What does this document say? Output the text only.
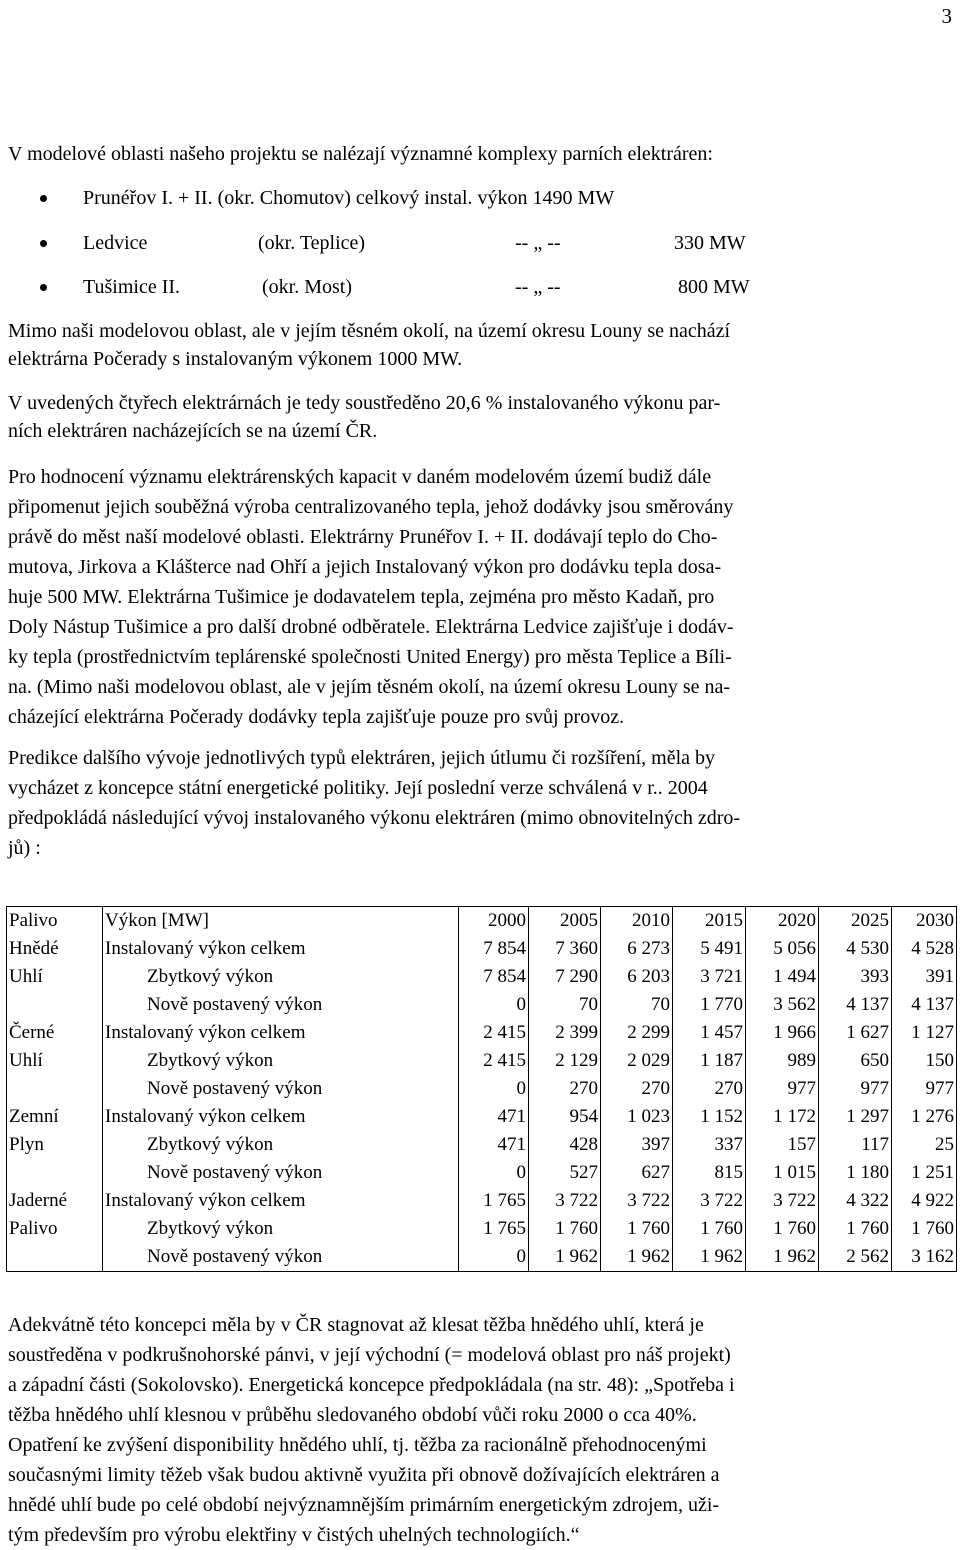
3

V modelové oblasti našeho projektu se nalézají významné komplexy parních elektráren:

Prunéřov I. + II. (okr. Chomutov) celkový instal. výkon 1490 MW
Ledvice	(okr. Teplice)	-- „ --	330 MW
Tušimice II.	(okr. Most)	-- „ --	800 MW

Mimo naši modelovou oblast, ale v jejím těsném okolí, na území okresu Louny se nachází
elektrárna Počerady s instalovaným výkonem 1000 MW.

V uvedených čtyřech elektrárnách je tedy soustředěno 20,6 % instalovaného výkonu par-
ních elektráren nacházejících se na území ČR.

Pro hodnocení významu elektrárenských kapacit v daném modelovém území budiž dále
připomenut jejich souběžná výroba centralizovaného tepla, jehož dodávky jsou směrovány
právě do měst naší modelové oblasti. Elektrárny Prunéřov I. + II. dodávají teplo do Cho-
mutova, Jirkova a Klášterce nad Ohří a jejich Instalovaný výkon pro dodávku tepla dosa-
huje 500 MW. Elektrárna Tušimice je dodavatelem tepla, zejména pro město Kadaň, pro
Doly Nástup Tušimice a pro další drobné odběratele. Elektrárna Ledvice zajišťuje i dodáv-
ky tepla (prostřednictvím teplárenské společnosti United Energy) pro města Teplice a Bíli-
na. (Mimo naši modelovou oblast, ale v jejím těsném okolí, na území okresu Louny se na-
cházející elektrárna Počerady dodávky tepla zajišťuje pouze pro svůj provoz.

Predikce dalšího vývoje jednotlivých typů elektráren, jejich útlumu či rozšíření, měla by
vycházet z koncepce státní energetické politiky. Její poslední verze schválená v r.. 2004
předpokládá následující vývoj instalovaného výkonu elektráren (mimo obnovitelných zdro-
jů) :

Palivo	Výkon [MW]	2000	2005	2010	2015	2020	2025	2030
Hnědé	Instalovaný výkon celkem	7 854	7 360	6 273	5 491	5 056	4 530	4 528
Uhlí	Zbytkový výkon	7 854	7 290	6 203	3 721	1 494	393	391
	Nově postavený výkon	0	70	70	1 770	3 562	4 137	4 137
Černé	Instalovaný výkon celkem	2 415	2 399	2 299	1 457	1 966	1 627	1 127
Uhlí	Zbytkový výkon	2 415	2 129	2 029	1 187	989	650	150
	Nově postavený výkon	0	270	270	270	977	977	977
Zemní	Instalovaný výkon celkem	471	954	1 023	1 152	1 172	1 297	1 276
Plyn	Zbytkový výkon	471	428	397	337	157	117	25
	Nově postavený výkon	0	527	627	815	1 015	1 180	1 251
Jaderné	Instalovaný výkon celkem	1 765	3 722	3 722	3 722	3 722	4 322	4 922
Palivo	Zbytkový výkon	1 765	1 760	1 760	1 760	1 760	1 760	1 760
	Nově postavený výkon	0	1 962	1 962	1 962	1 962	2 562	3 162

Adekvátně této koncepci měla by v ČR stagnovat až klesat těžba hnědého uhlí, která je
soustředěna v podkrušnohorské pánvi, v její východní (= modelová oblast pro náš projekt)
a západní části (Sokolovsko). Energetická koncepce předpokládala (na str. 48): „Spotřeba i
těžba hnědého uhlí klesnou v průběhu sledovaného období vůči roku 2000 o cca 40%.
Opatření ke zvýšení disponibility hnědého uhlí, tj. těžba za racionálně přehodnocenými
současnými limity těžeb však budou aktivně využita při obnově dožívajících elektráren a
hnědé uhlí bude po celé období nejvýznamnějším primárním energetickým zdrojem, uži-
tým především pro výrobu elektřiny v čistých uhelných technologiích.“
